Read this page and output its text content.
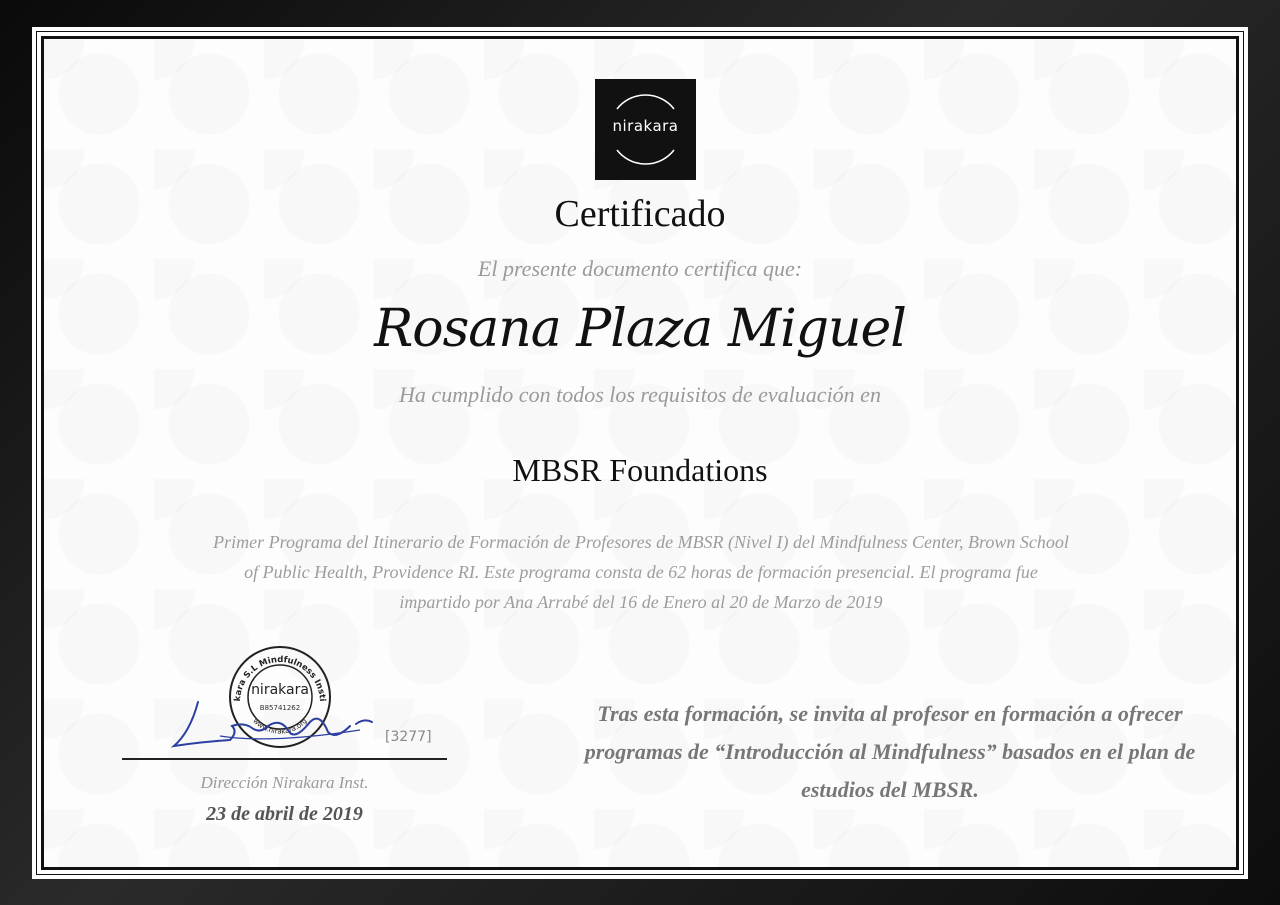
nirakara
Certificado
El presente documento certifica que:
Rosana Plaza Miguel
Ha cumplido con todos los requisitos de evaluación en
MBSR Foundations
Primer Programa del Itinerario de Formación de Profesores de MBSR (Nivel I) del Mindfulness Center, Brown School of Public Health, Providence RI. Este programa consta de 62 horas de formación presencial. El programa fue impartido por Ana Arrabé del 16 de Enero al 20 de Marzo de 2019
kara S.L Mindfulness Insti
www.nirakara.org
nirakara
B85741262
[3277]
Dirección Nirakara Inst.
23 de abril de 2019
Tras esta formación, se invita al profesor en formación a ofrecer programas de “Introducción al Mindfulness” basados en el plan de estudios del MBSR.
